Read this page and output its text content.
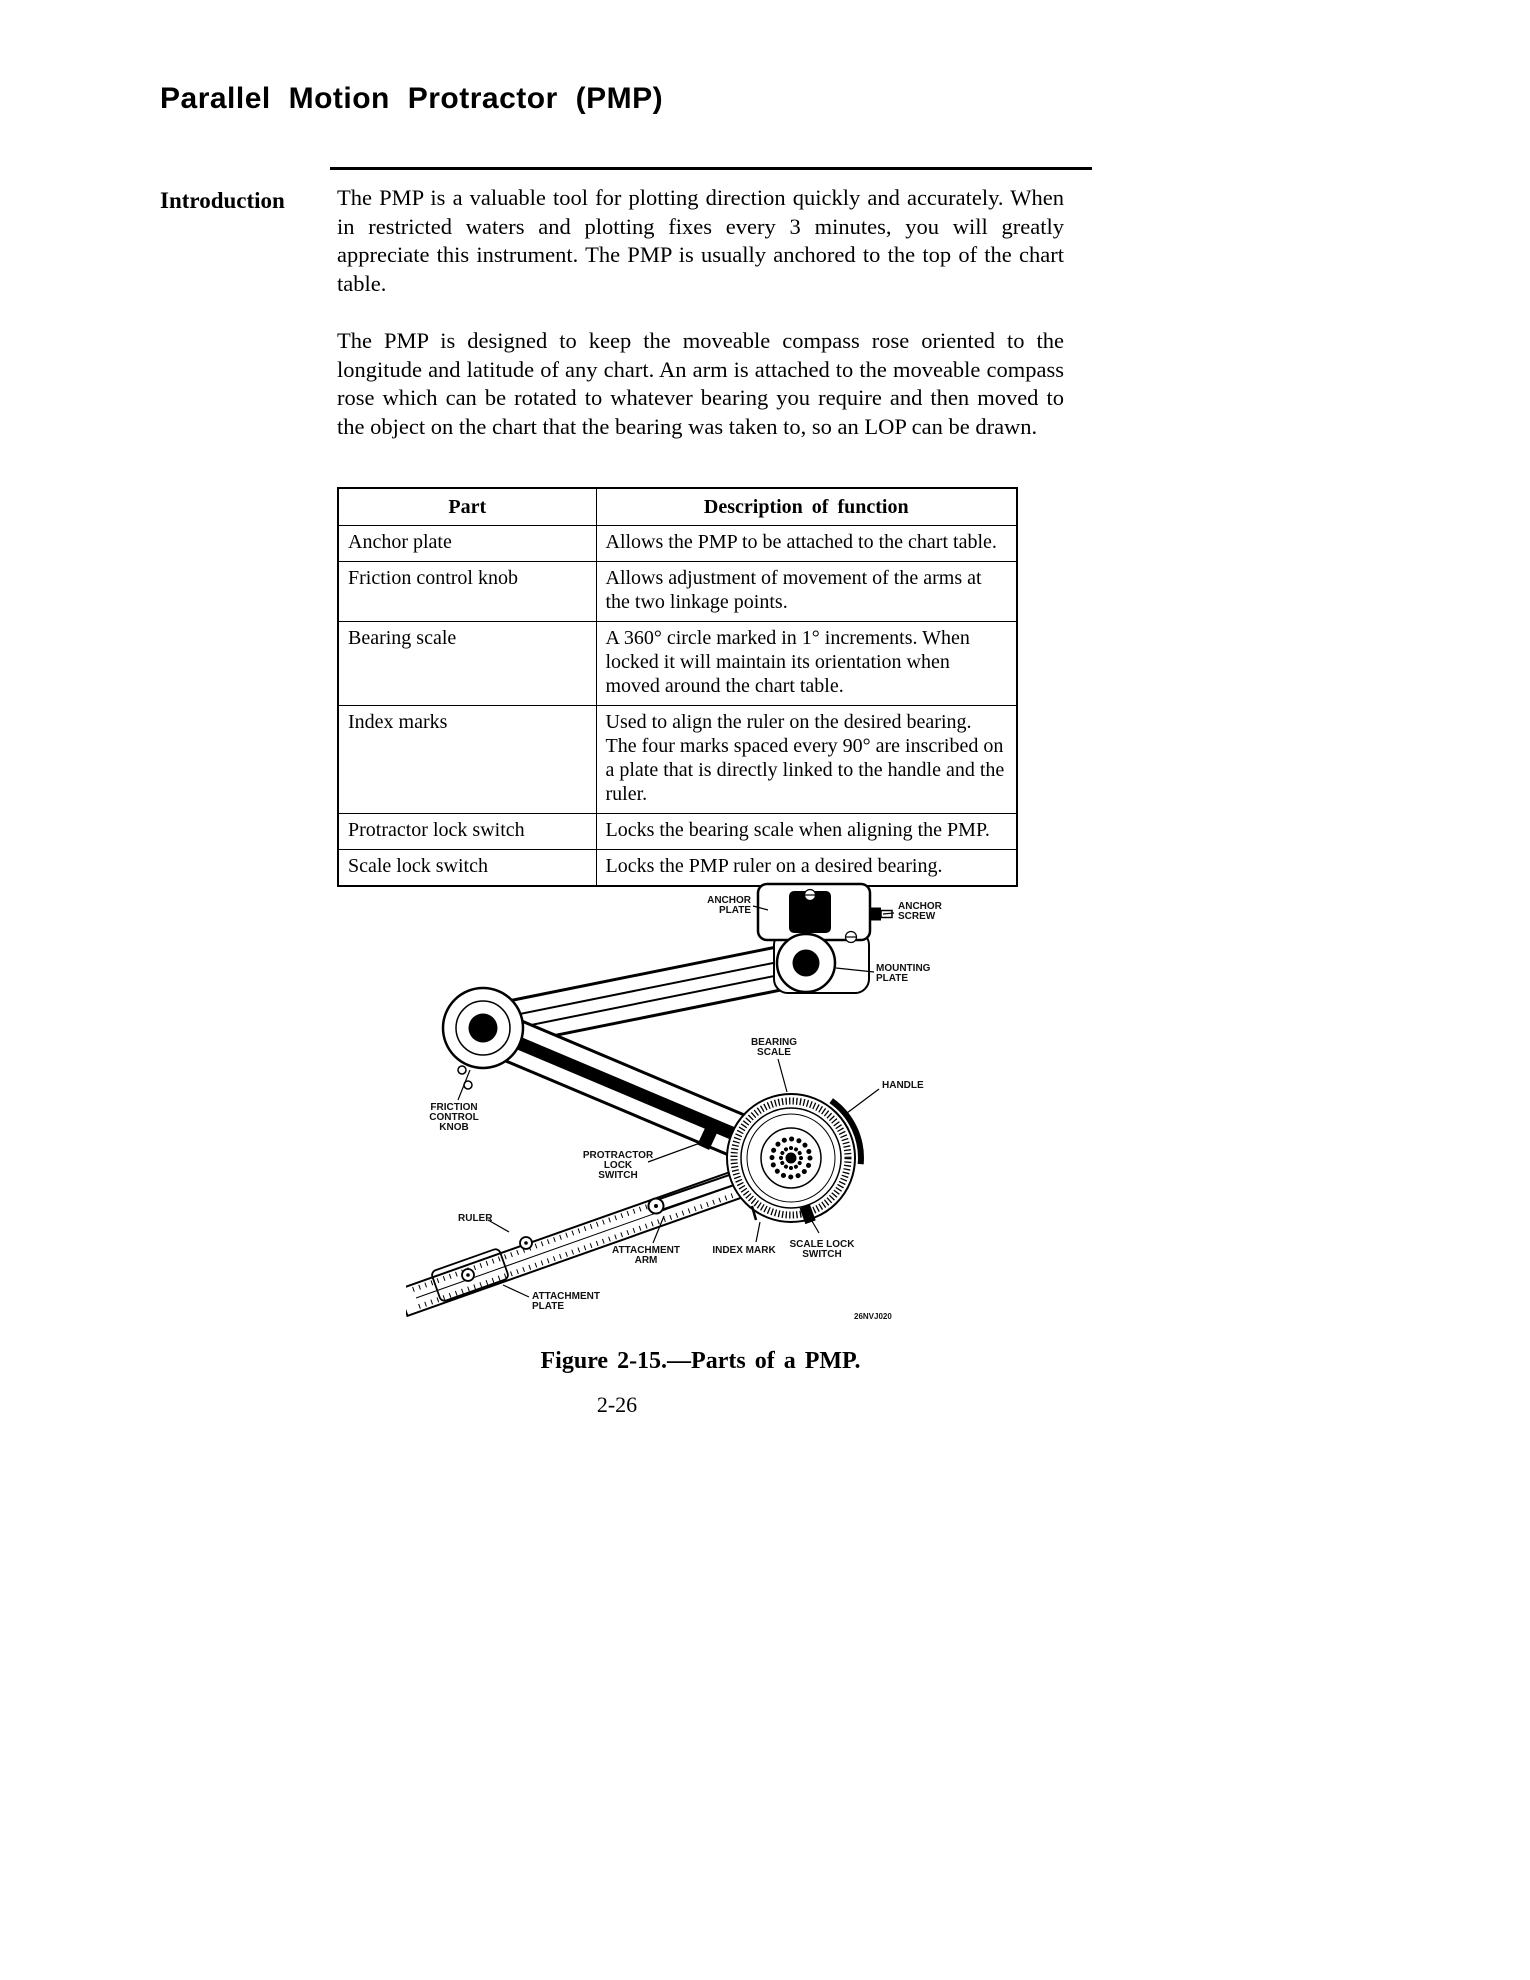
Parallel Motion Protractor (PMP)
Introduction The PMP is a valuable tool for plotting direction quickly and accurately. When in restricted waters and plotting fixes every 3 minutes, you will greatly appreciate this instrument. The PMP is usually anchored to the top of the chart table.

The PMP is designed to keep the moveable compass rose oriented to the longitude and latitude of any chart. An arm is attached to the moveable compass rose which can be rotated to whatever bearing you require and then moved to the object on the chart that the bearing was taken to, so an LOP can be drawn.

Part	Description of function
Anchor plate	Allows the PMP to be attached to the chart table.
Friction control knob	Allows adjustment of movement of the arms at the two linkage points.
Bearing scale	A 360° circle marked in 1° increments. When locked it will maintain its orientation when moved around the chart table.
Index marks	Used to align the ruler on the desired bearing. The four marks spaced every 90° are inscribed on a plate that is directly linked to the handle and the ruler.
Protractor lock switch	Locks the bearing scale when aligning the PMP.
Scale lock switch	Locks the PMP ruler on a desired bearing.
ANCHOR
PLATE	ANCHOR
SCREW
MOUNTING
PLATE
BEARING
SCALE
HANDLE
FRICTION
CONTROL
KNOB
PROTRACTOR
LOCK
SWITCH
RULER
ATTACHMENT
ARM
INDEX MARK
SCALE LOCK
SWITCH
ATTACHMENT
PLATE
26NVJ020
Figure 2-15.—Parts of a PMP.
2-26
